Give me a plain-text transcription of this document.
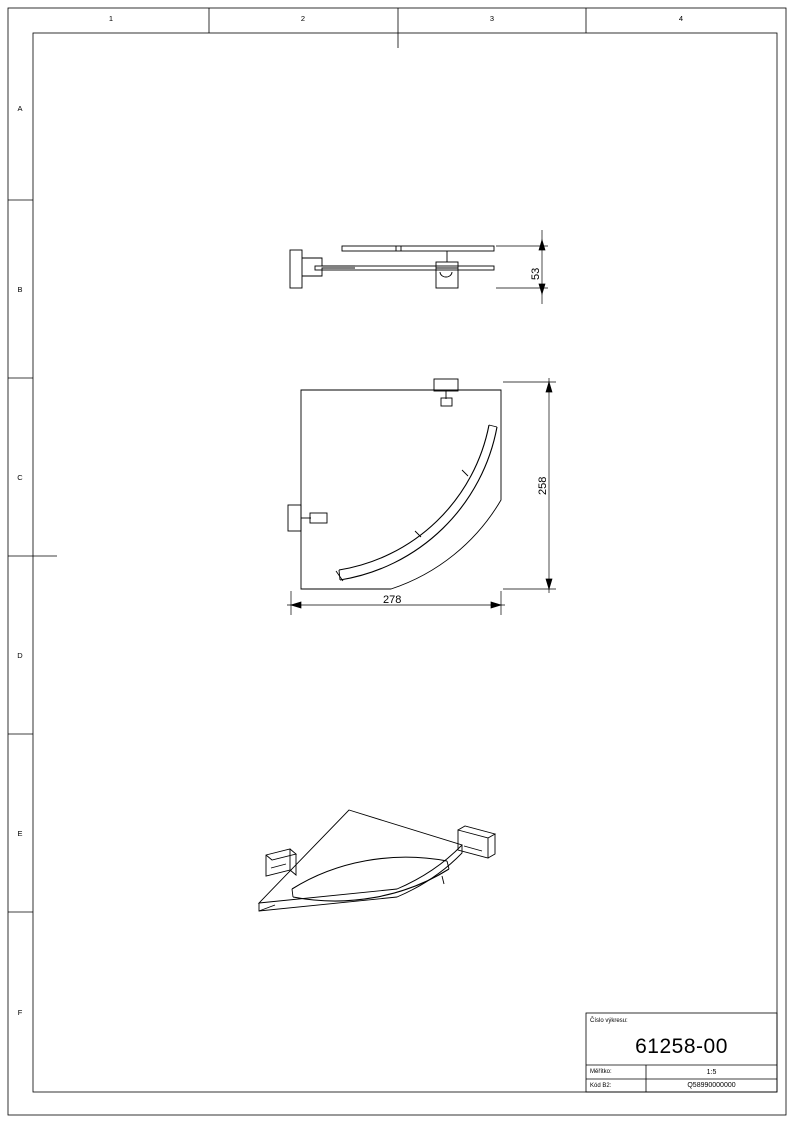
1	2	3	4
A
B
C
D
E
F
53
258
278
Číslo výkresu:
61258-00
Měřítko:	1:5
Kód B2:	Q58990000000
